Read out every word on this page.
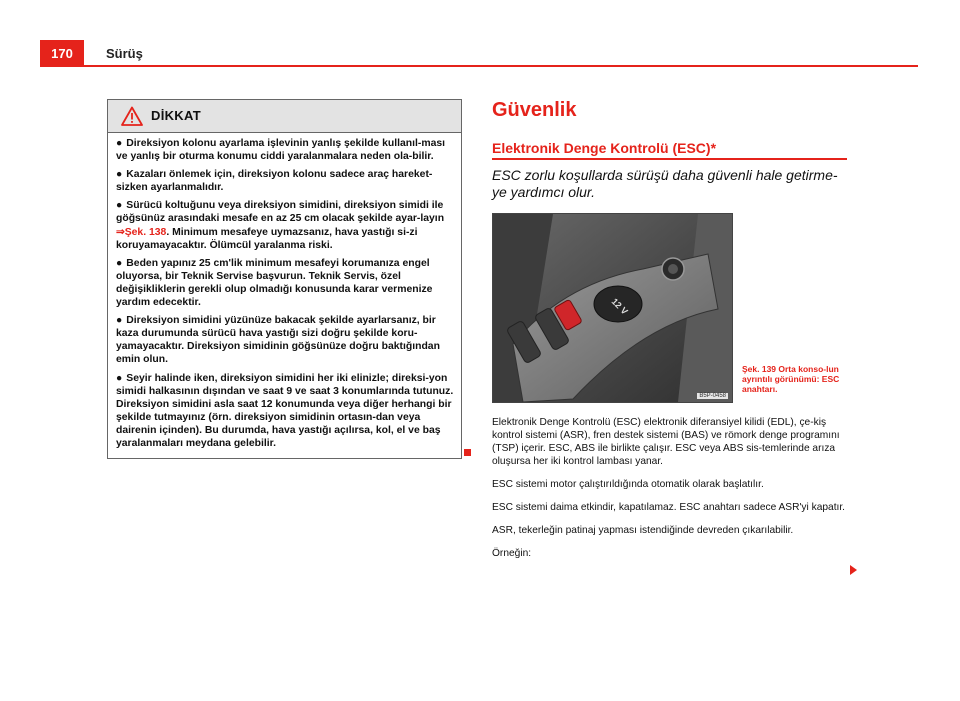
170	Sürüş
DİKKAT

● Direksiyon kolonu ayarlama işlevinin yanlış şekilde kullanıl-ması ve yanlış bir oturma konumu ciddi yaralanmalara neden ola-bilir.

● Kazaları önlemek için, direksiyon kolonu sadece araç hareket-sizken ayarlanmalıdır.

● Sürücü koltuğunu veya direksiyon simidini, direksiyon simidi ile göğsünüz arasındaki mesafe en az 25 cm olacak şekilde ayar-layın ⇒Şek. 138. Minimum mesafeye uymazsanız, hava yastığı si-zi koruyamayacaktır. Ölümcül yaralanma riski.

● Beden yapınız 25 cm'lik minimum mesafeyi korumanıza engel oluyorsa, bir Teknik Servise başvurun. Teknik Servis, özel değişikliklerin gerekli olup olmadığı konusunda karar vermenize yardım edecektir.

● Direksiyon simidini yüzünüze bakacak şekilde ayarlarsanız, bir kaza durumunda sürücü hava yastığı sizi doğru şekilde koru-yamayacaktır. Direksiyon simidinin göğsünüze doğru baktığından emin olun.

● Seyir halinde iken, direksiyon simidini her iki elinizle; direksi-yon simidi halkasının dışından ve saat 9 ve saat 3 konumlarında tutunuz. Direksiyon simidini asla saat 12 konumunda veya diğer herhangi bir şekilde tutmayınız (örn. direksiyon simidinin ortasın-dan veya dairenin içinden). Bu durumda, hava yastığı açılırsa, kol, el ve baş yaralanmaları meydana gelebilir.

Güvenlik
Elektronik Denge Kontrolü (ESC)*
ESC zorlu koşullarda sürüşü daha güvenli hale getirme-ye yardımcı olur.
12 V
B5P-0458
Şek. 139 Orta konso-lun ayrıntılı görünümü: ESC anahtarı.

Elektronik Denge Kontrolü (ESC) elektronik diferansiyel kilidi (EDL), çe-kiş kontrol sistemi (ASR), fren destek sistemi (BAS) ve römork denge programını (TSP) içerir. ESC, ABS ile birlikte çalışır. ESC veya ABS sis-temlerinde arıza oluşursa her iki kontrol lambası yanar.

ESC sistemi motor çalıştırıldığında otomatik olarak başlatılır.

ESC sistemi daima etkindir, kapatılamaz. ESC anahtarı sadece ASR'yi kapatır.

ASR, tekerleğin patinaj yapması istendiğinde devreden çıkarılabilir.

Örneğin:
